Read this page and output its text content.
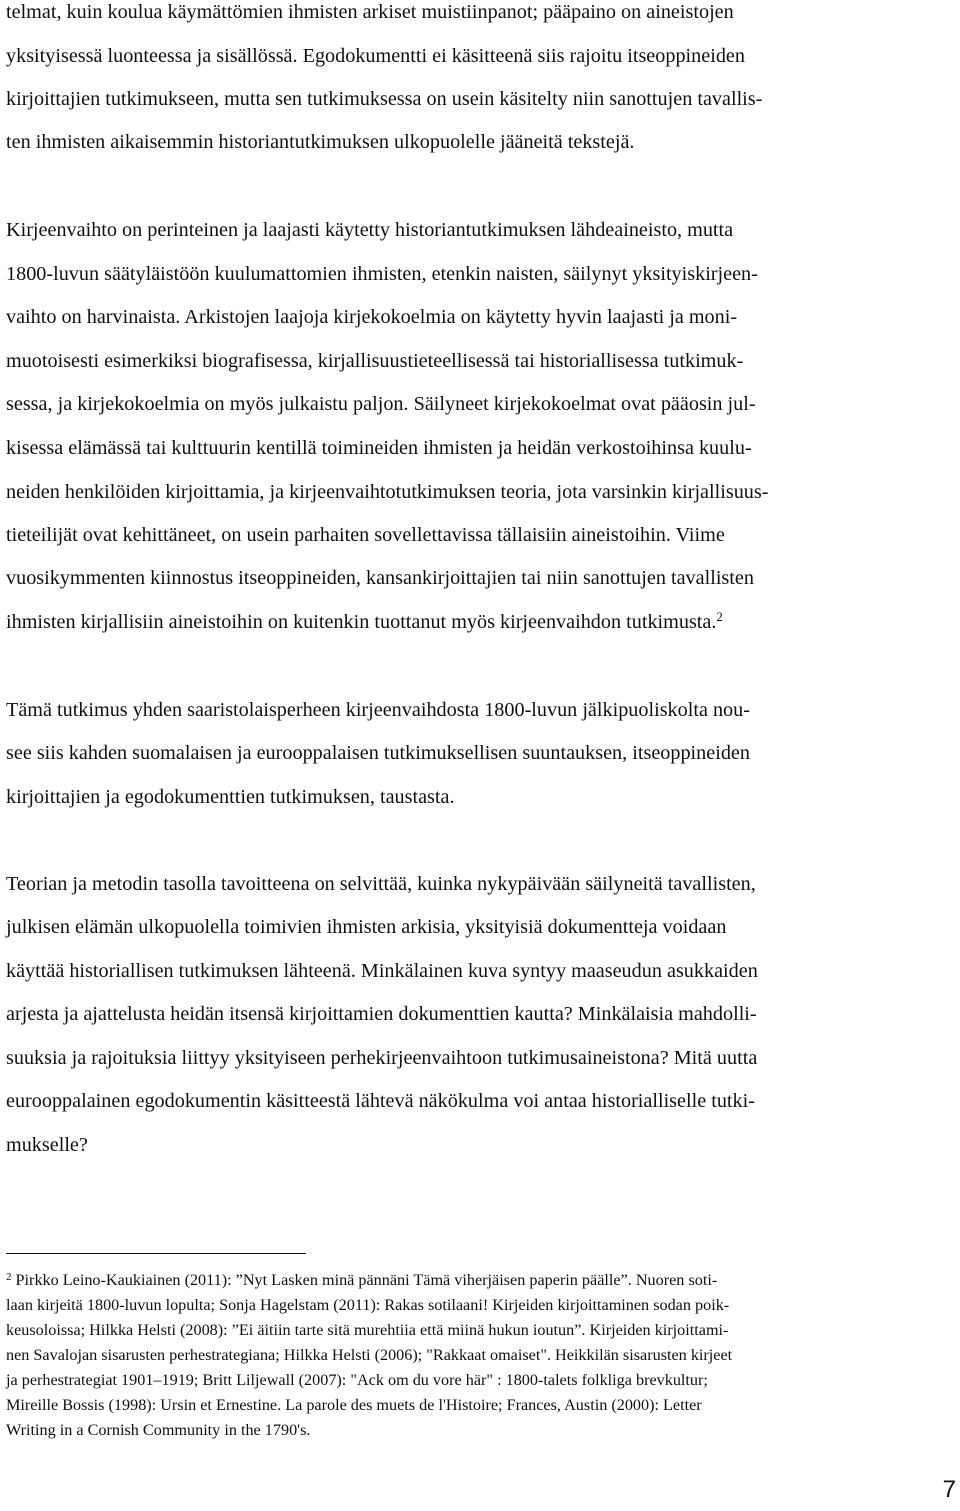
telmat, kuin koulua käymättömien ihmisten arkiset muistiinpanot; pääpaino on aineistojen
yksityisessä luonteessa ja sisällössä. Egodokumentti ei käsitteenä siis rajoitu itseoppineiden
kirjoittajien tutkimukseen, mutta sen tutkimuksessa on usein käsitelty niin sanottujen tavallis-
ten ihmisten aikaisemmin historiantutkimuksen ulkopuolelle jääneitä tekstejä.
Kirjeenvaihto on perinteinen ja laajasti käytetty historiantutkimuksen lähdeaineisto, mutta
1800-luvun säätyläistöön kuulumattomien ihmisten, etenkin naisten, säilynyt yksityiskirjeen-
vaihto on harvinaista. Arkistojen laajoja kirjekokoelmia on käytetty hyvin laajasti ja moni-
muotoisesti esimerkiksi biografisessa, kirjallisuustieteellisessä tai historiallisessa tutkimuk-
sessa, ja kirjekokoelmia on myös julkaistu paljon. Säilyneet kirjekokoelmat ovat pääosin jul-
kisessa elämässä tai kulttuurin kentillä toimineiden ihmisten ja heidän verkostoihinsa kuulu-
neiden henkilöiden kirjoittamia, ja kirjeenvaihtotutkimuksen teoria, jota varsinkin kirjallisuus-
tieteilijät ovat kehittäneet, on usein parhaiten sovellettavissa tällaisiin aineistoihin. Viime
vuosikymmenten kiinnostus itseoppineiden, kansankirjoittajien tai niin sanottujen tavallisten
ihmisten kirjallisiin aineistoihin on kuitenkin tuottanut myös kirjeenvaihdon tutkimusta.$^2$
Tämä tutkimus yhden saaristolaisperheen kirjeenvaihdosta 1800-luvun jälkipuoliskolta nou-
see siis kahden suomalaisen ja eurooppalaisen tutkimuksellisen suuntauksen, itseoppineiden
kirjoittajien ja egodokumenttien tutkimuksen, taustasta.
Teorian ja metodin tasolla tavoitteena on selvittää, kuinka nykypäivään säilyneitä tavallisten,
julkisen elämän ulkopuolella toimivien ihmisten arkisia, yksityisiä dokumentteja voidaan
käyttää historiallisen tutkimuksen lähteenä. Minkälainen kuva syntyy maaseudun asukkaiden
arjesta ja ajattelusta heidän itsensä kirjoittamien dokumenttien kautta? Minkälaisia mahdolli-
suuksia ja rajoituksia liittyy yksityiseen perhekirjeenvaihtoon tutkimusaineistona? Mitä uutta
eurooppalainen egodokumentin käsitteestä lähtevä näkökulma voi antaa historialliselle tutki-
mukselle?
$^2$ Pirkko Leino-Kaukiainen (2011): ”Nyt Lasken minä pännäni Tämä viherjäisen paperin päälle”. Nuoren soti-
laan kirjeitä 1800-luvun lopulta; Sonja Hagelstam (2011): Rakas sotilaani! Kirjeiden kirjoittaminen sodan poik-
keusoloissa; Hilkka Helsti (2008): ”Ei äitiin tarte sitä murehtiia että miinä hukun ioutun”. Kirjeiden kirjoittami-
nen Savalojan sisarusten perhestrategiana; Hilkka Helsti (2006); "Rakkaat omaiset". Heikkilän sisarusten kirjeet
ja perhestrategiat 1901–1919; Britt Liljewall (2007): "Ack om du vore här" : 1800-talets folkliga brevkultur;
Mireille Bossis (1998): Ursin et Ernestine. La parole des muets de l'Histoire; Frances, Austin (2000): Letter
Writing in a Cornish Community in the 1790's.
7
